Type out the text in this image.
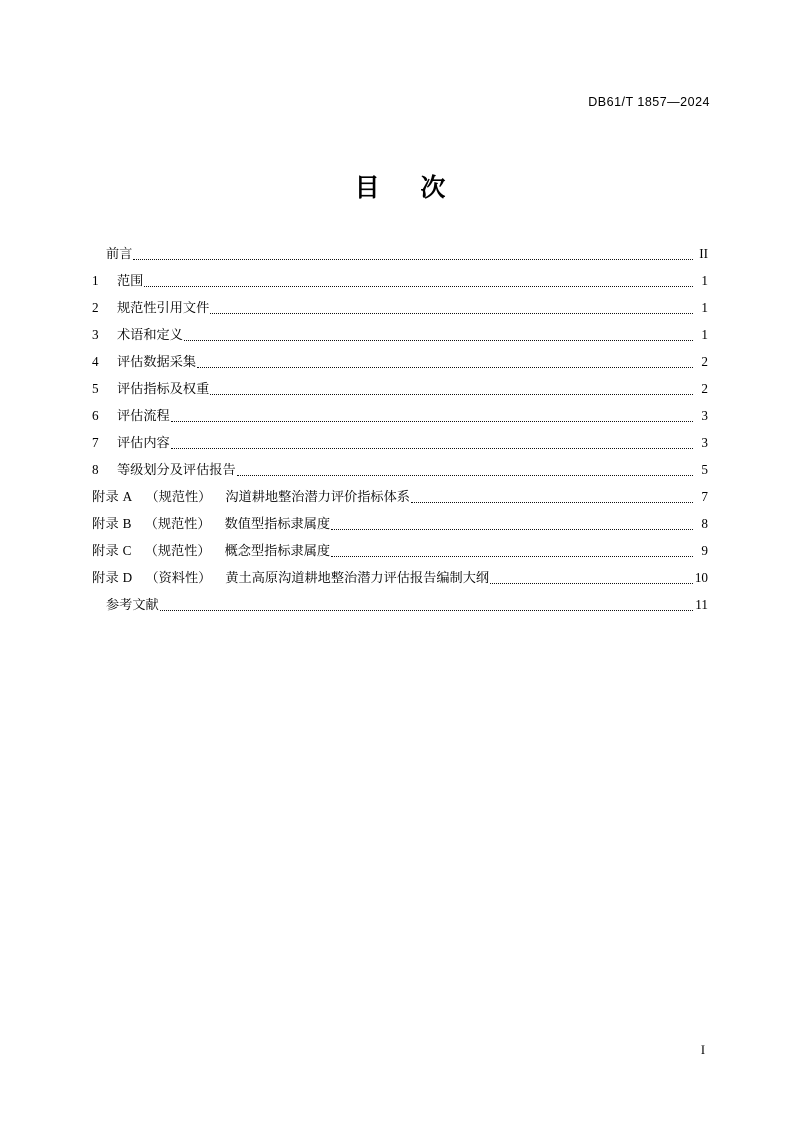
DB61/T 1857—2024
目 次
前言	II
1	范围	1
2	规范性引用文件	1
3	术语和定义	1
4	评估数据采集	2
5	评估指标及权重	2
6	评估流程	3
7	评估内容	3
8	等级划分及评估报告	5
附录 A （规范性） 沟道耕地整治潜力评价指标体系	7
附录 B （规范性） 数值型指标隶属度	8
附录 C （规范性） 概念型指标隶属度	9
附录 D （资料性） 黄土高原沟道耕地整治潜力评估报告编制大纲	10
参考文献	11
I
